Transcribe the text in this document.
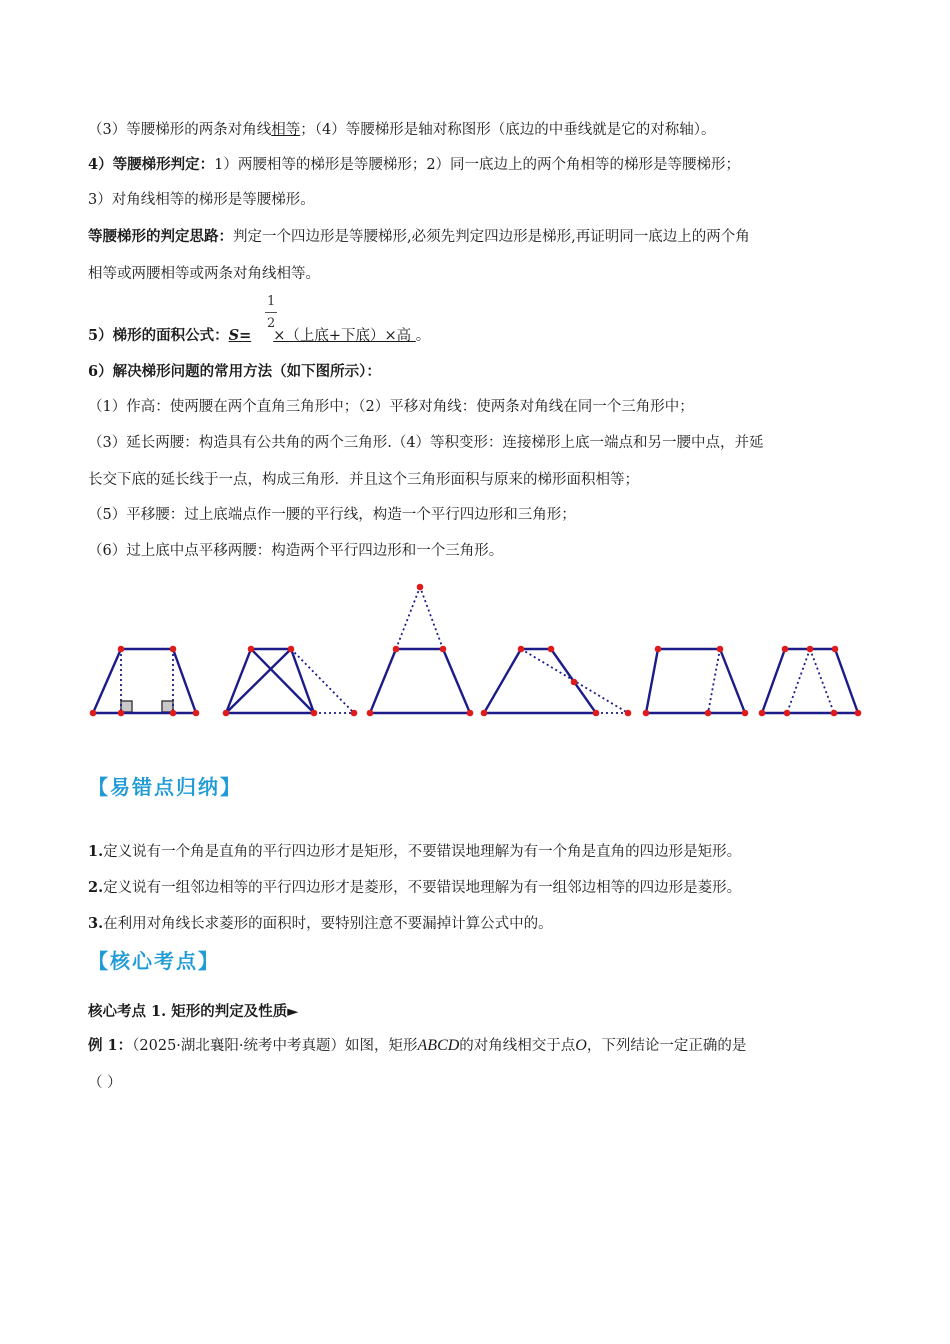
（3）等腰梯形的两条对角线相等；（4）等腰梯形是轴对称图形（底边的中垂线就是它的对称轴）。
4）等腰梯形判定：1）两腰相等的梯形是等腰梯形；2）同一底边上的两个角相等的梯形是等腰梯形；
3）对角线相等的梯形是等腰梯形。
等腰梯形的判定思路：判定一个四边形是等腰梯形,必须先判定四边形是梯形,再证明同一底边上的两个角
相等或两腰相等或两条对角线相等。
1
2
5）梯形的面积公式：S= ×（上底+下底）×高 。
6）解决梯形问题的常用方法（如下图所示）：
（1）作高：使两腰在两个直角三角形中；（2）平移对角线：使两条对角线在同一个三角形中；
（3）延长两腰：构造具有公共角的两个三角形.（4）等积变形：连接梯形上底一端点和另一腰中点，并延
长交下底的延长线于一点，构成三角形．并且这个三角形面积与原来的梯形面积相等；
（5）平移腰：过上底端点作一腰的平行线，构造一个平行四边形和三角形；
（6）过上底中点平移两腰：构造两个平行四边形和一个三角形。
【易错点归纳】
1.定义说有一个角是直角的平行四边形才是矩形，不要错误地理解为有一个角是直角的四边形是矩形。
2.定义说有一组邻边相等的平行四边形才是菱形，不要错误地理解为有一组邻边相等的四边形是菱形。
3.在利用对角线长求菱形的面积时，要特别注意不要漏掉计算公式中的。
【核心考点】
核心考点 1. 矩形的判定及性质►
例 1：（2025·湖北襄阳·统考中考真题）如图，矩形ABCD的对角线相交于点O，下列结论一定正确的是
（ ）
